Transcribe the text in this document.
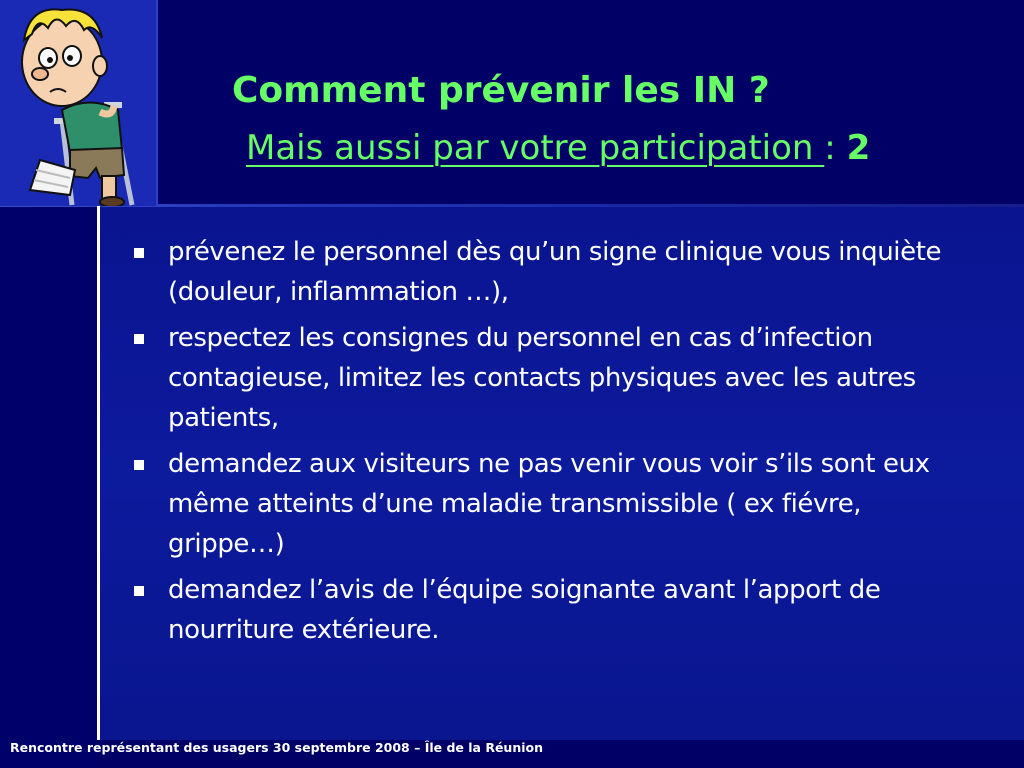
Comment prévenir les IN ?
Mais aussi par votre participation : 2
prévenez le personnel dès qu’un signe clinique vous inquiète (douleur, inflammation …),
respectez les consignes du personnel en cas d’infection contagieuse, limitez les contacts physiques avec les autres patients,
demandez aux visiteurs ne pas venir vous voir s’ils sont eux même atteints d’une maladie transmissible ( ex fiévre, grippe…)
demandez l’avis de l’équipe soignante avant l’apport de nourriture extérieure.
Rencontre représentant des usagers 30 septembre 2008 – Île de la Réunion
